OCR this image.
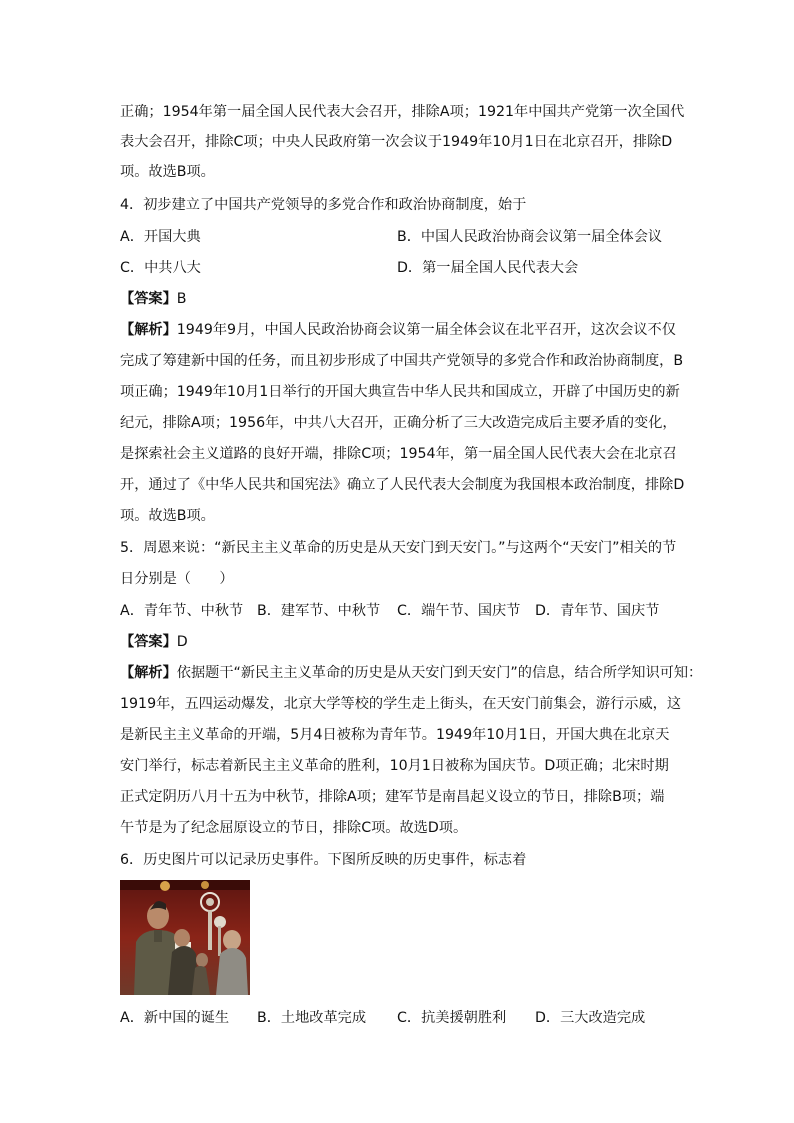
正确；1954年第一届全国人民代表大会召开，排除A项；1921年中国共产党第一次全国代
表大会召开，排除C项；中央人民政府第一次会议于1949年10月1日在北京召开，排除D
项。故选B项。
4．初步建立了中国共产党领导的多党合作和政治协商制度，始于
A．开国大典	B．中国人民政治协商会议第一届全体会议
C．中共八大	D．第一届全国人民代表大会
【答案】B
【解析】1949年9月，中国人民政治协商会议第一届全体会议在北平召开，这次会议不仅
完成了筹建新中国的任务，而且初步形成了中国共产党领导的多党合作和政治协商制度，B
项正确；1949年10月1日举行的开国大典宣告中华人民共和国成立，开辟了中国历史的新
纪元，排除A项；1956年，中共八大召开，正确分析了三大改造完成后主要矛盾的变化，
是探索社会主义道路的良好开端，排除C项；1954年，第一届全国人民代表大会在北京召
开，通过了《中华人民共和国宪法》确立了人民代表大会制度为我国根本政治制度，排除D
项。故选B项。
5．周恩来说：“新民主主义革命的历史是从天安门到天安门。”与这两个“天安门”相关的节
日分别是（　　）
A．青年节、中秋节 B．建军节、中秋节 C．端午节、国庆节 D．青年节、国庆节
【答案】D
【解析】依据题干“新民主主义革命的历史是从天安门到天安门”的信息，结合所学知识可知：
1919年，五四运动爆发，北京大学等校的学生走上街头，在天安门前集会，游行示威，这
是新民主主义革命的开端，5月4日被称为青年节。1949年10月1日，开国大典在北京天
安门举行，标志着新民主主义革命的胜利，10月1日被称为国庆节。D项正确；北宋时期
正式定阴历八月十五为中秋节，排除A项；建军节是南昌起义设立的节日，排除B项；端
午节是为了纪念屈原设立的节日，排除C项。故选D项。
6．历史图片可以记录历史事件。下图所反映的历史事件，标志着
A．新中国的诞生 B．土地改革完成 C．抗美援朝胜利 D．三大改造完成
